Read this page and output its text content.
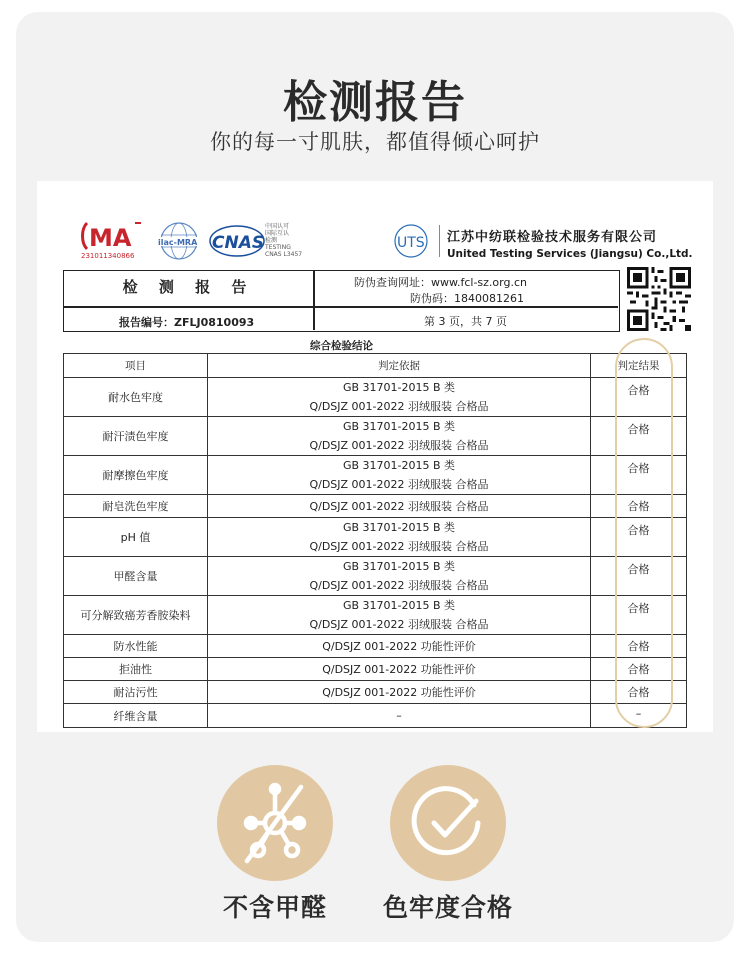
检测报告
你的每一寸肌肤，都值得倾心呵护
MA
231011340866
ilac-MRA CNAS
中国认可
国际互认
检测
TESTING
CNAS L3457
UTS 江苏中纺联检验技术服务有限公司
United Testing Services (Jiangsu) Co.,Ltd.
检 测 报 告	防伪查询网址：www.fcl-sz.org.cn
防伪码：1840081261
报告编号：ZFLJ0810093	第 3 页，共 7 页
综合检验结论
项目	判定依据	判定结果
耐水色牢度	GB 31701-2015 B 类
Q/DSJZ 001-2022 羽绒服装 合格品	合格
耐汗渍色牢度	GB 31701-2015 B 类
Q/DSJZ 001-2022 羽绒服装 合格品	合格
耐摩擦色牢度	GB 31701-2015 B 类
Q/DSJZ 001-2022 羽绒服装 合格品	合格
耐皂洗色牢度	Q/DSJZ 001-2022 羽绒服装 合格品	合格
pH 值	GB 31701-2015 B 类
Q/DSJZ 001-2022 羽绒服装 合格品	合格
甲醛含量	GB 31701-2015 B 类
Q/DSJZ 001-2022 羽绒服装 合格品	合格
可分解致癌芳香胺染料	GB 31701-2015 B 类
Q/DSJZ 001-2022 羽绒服装 合格品	合格
防水性能	Q/DSJZ 001-2022 功能性评价	合格
拒油性	Q/DSJZ 001-2022 功能性评价	合格
耐沾污性	Q/DSJZ 001-2022 功能性评价	合格
纤维含量	–	–
不含甲醛	色牢度合格
